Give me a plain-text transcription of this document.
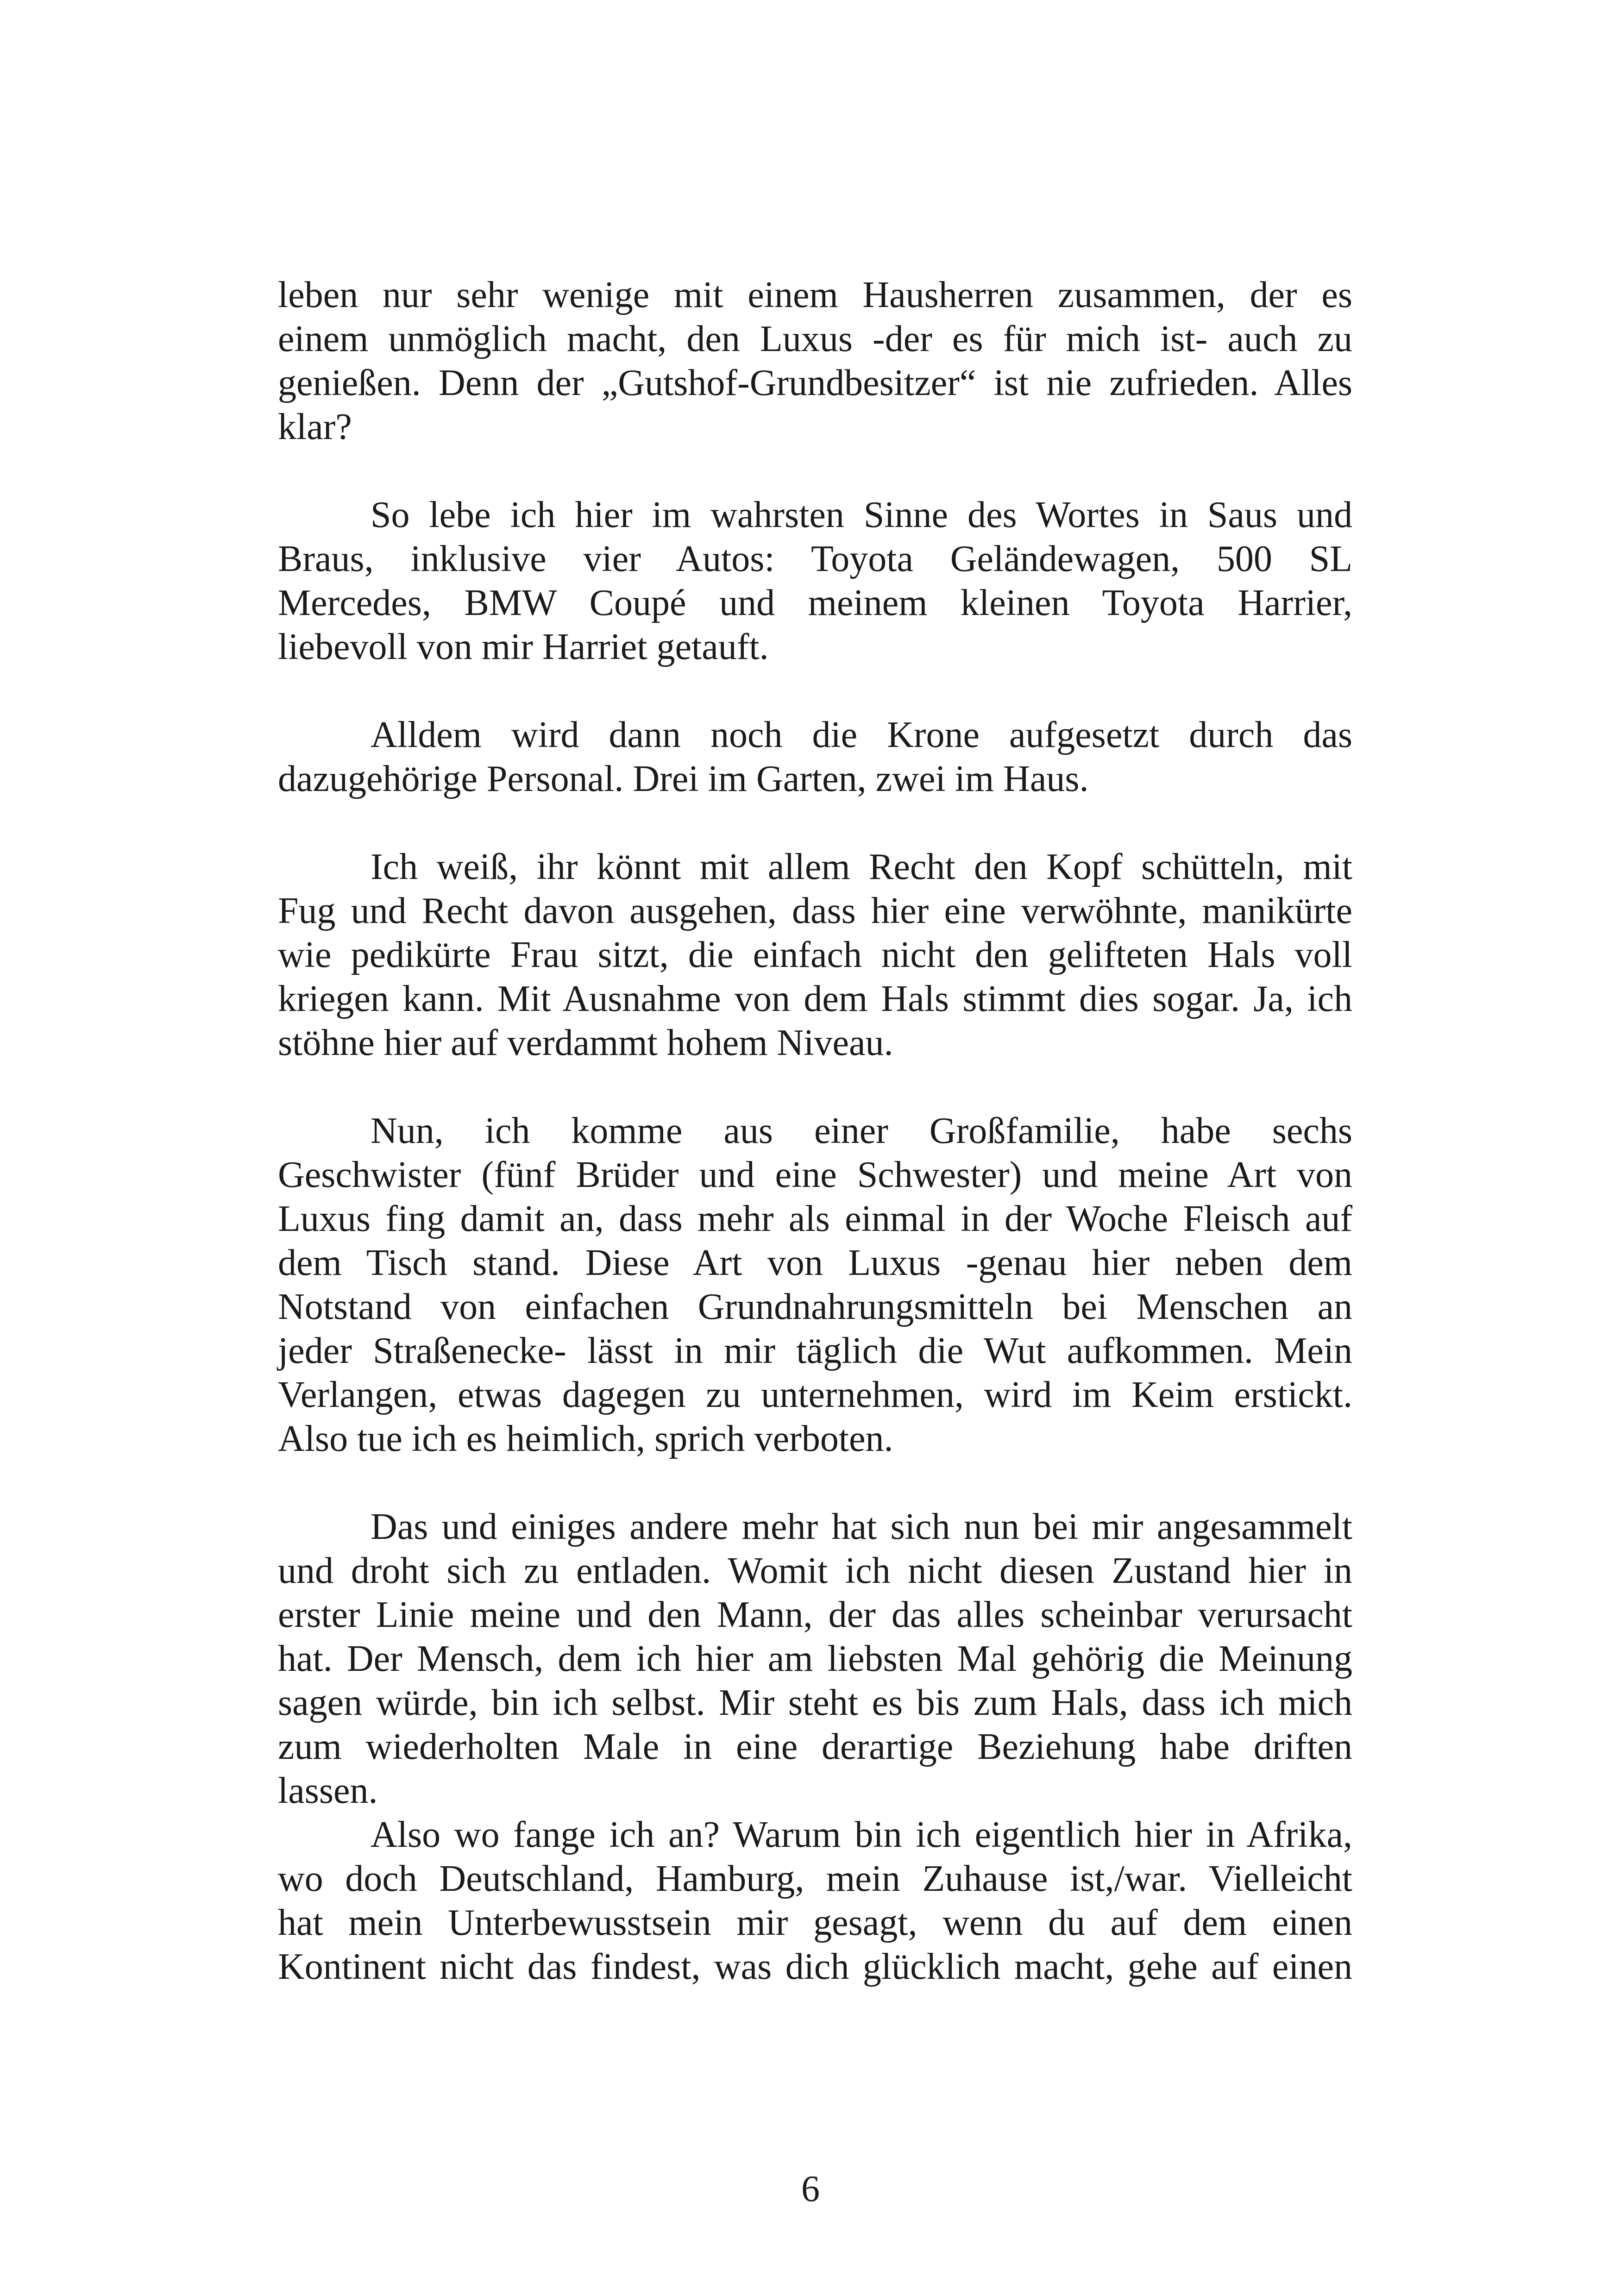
leben nur sehr wenige mit einem Hausherren zusammen, der es
einem unmöglich macht, den Luxus -der es für mich ist- auch zu
genießen. Denn der „Gutshof-Grundbesitzer“ ist nie zufrieden. Alles
klar?
So lebe ich hier im wahrsten Sinne des Wortes in Saus und
Braus, inklusive vier Autos: Toyota Geländewagen, 500 SL
Mercedes, BMW Coupé und meinem kleinen Toyota Harrier,
liebevoll von mir Harriet getauft.
Alldem wird dann noch die Krone aufgesetzt durch das
dazugehörige Personal. Drei im Garten, zwei im Haus.
Ich weiß, ihr könnt mit allem Recht den Kopf schütteln, mit
Fug und Recht davon ausgehen, dass hier eine verwöhnte, manikürte
wie pedikürte Frau sitzt, die einfach nicht den gelifteten Hals voll
kriegen kann. Mit Ausnahme von dem Hals stimmt dies sogar. Ja, ich
stöhne hier auf verdammt hohem Niveau.
Nun, ich komme aus einer Großfamilie, habe sechs
Geschwister (fünf Brüder und eine Schwester) und meine Art von
Luxus fing damit an, dass mehr als einmal in der Woche Fleisch auf
dem Tisch stand. Diese Art von Luxus -genau hier neben dem
Notstand von einfachen Grundnahrungsmitteln bei Menschen an
jeder Straßenecke- lässt in mir täglich die Wut aufkommen. Mein
Verlangen, etwas dagegen zu unternehmen, wird im Keim erstickt.
Also tue ich es heimlich, sprich verboten.
Das und einiges andere mehr hat sich nun bei mir angesammelt
und droht sich zu entladen. Womit ich nicht diesen Zustand hier in
erster Linie meine und den Mann, der das alles scheinbar verursacht
hat. Der Mensch, dem ich hier am liebsten Mal gehörig die Meinung
sagen würde, bin ich selbst. Mir steht es bis zum Hals, dass ich mich
zum wiederholten Male in eine derartige Beziehung habe driften
lassen.
Also wo fange ich an? Warum bin ich eigentlich hier in Afrika,
wo doch Deutschland, Hamburg, mein Zuhause ist,/war. Vielleicht
hat mein Unterbewusstsein mir gesagt, wenn du auf dem einen
Kontinent nicht das findest, was dich glücklich macht, gehe auf einen
6
